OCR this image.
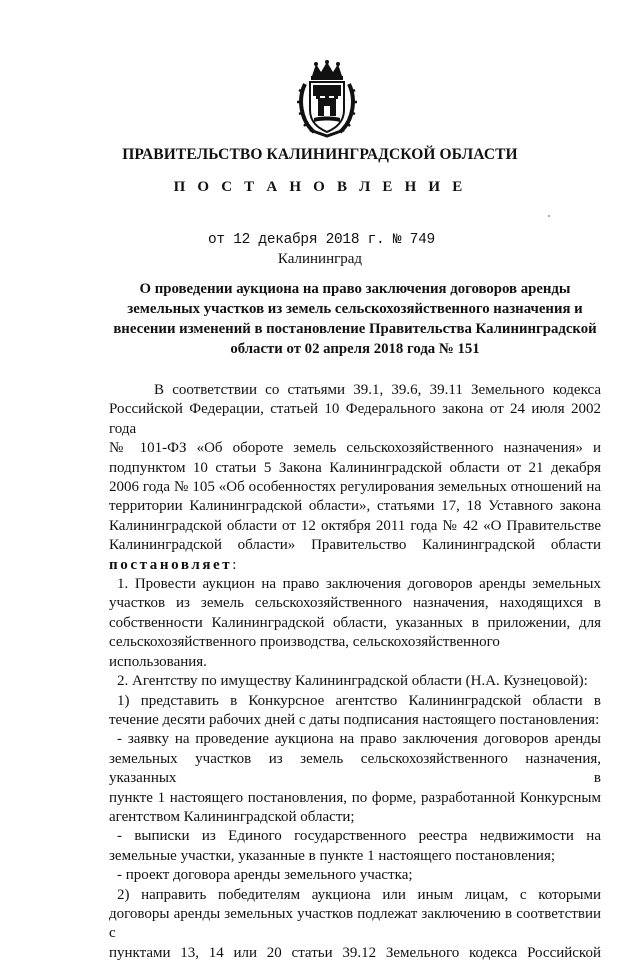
ПРАВИТЕЛЬСТВО КАЛИНИНГРАДСКОЙ ОБЛАСТИ
П О С Т А Н О В Л Е Н И Е
от 12 декабря 2018 г. № 749
Калининград
О проведении аукциона на право заключения договоров аренды
земельных участков из земель сельскохозяйственного назначения и
внесении изменений в постановление Правительства Калининградской
области от 02 апреля 2018 года № 151
В соответствии со статьями 39.1, 39.6, 39.11 Земельного кодекса
Российской Федерации, статьей 10 Федерального закона от 24 июля 2002 года
№ 101-ФЗ «Об обороте земель сельскохозяйственного назначения» и
подпунктом 10 статьи 5 Закона Калининградской области от 21 декабря
2006 года № 105 «Об особенностях регулирования земельных отношений на
территории Калининградской области», статьями 17, 18 Уставного закона
Калининградской области от 12 октября 2011 года № 42 «О Правительстве
Калининградской области» Правительство Калининградской области
постановляет:
1. Провести аукцион на право заключения договоров аренды земельных
участков из земель сельскохозяйственного назначения, находящихся в
собственности Калининградской области, указанных в приложении, для
сельскохозяйственного производства, сельскохозяйственного использования.
2. Агентству по имуществу Калининградской области (Н.А. Кузнецовой):
1) представить в Конкурсное агентство Калининградской области в
течение десяти рабочих дней с даты подписания настоящего постановления:
- заявку на проведение аукциона на право заключения договоров аренды
земельных участков из земель сельскохозяйственного назначения, указанных в
пункте 1 настоящего постановления, по форме, разработанной Конкурсным
агентством Калининградской области;
- выписки из Единого государственного реестра недвижимости на
земельные участки, указанные в пункте 1 настоящего постановления;
- проект договора аренды земельного участка;
2) направить победителям аукциона или иным лицам, с которыми
договоры аренды земельных участков подлежат заключению в соответствии с
пунктами 13, 14 или 20 статьи 39.12 Земельного кодекса Российской
